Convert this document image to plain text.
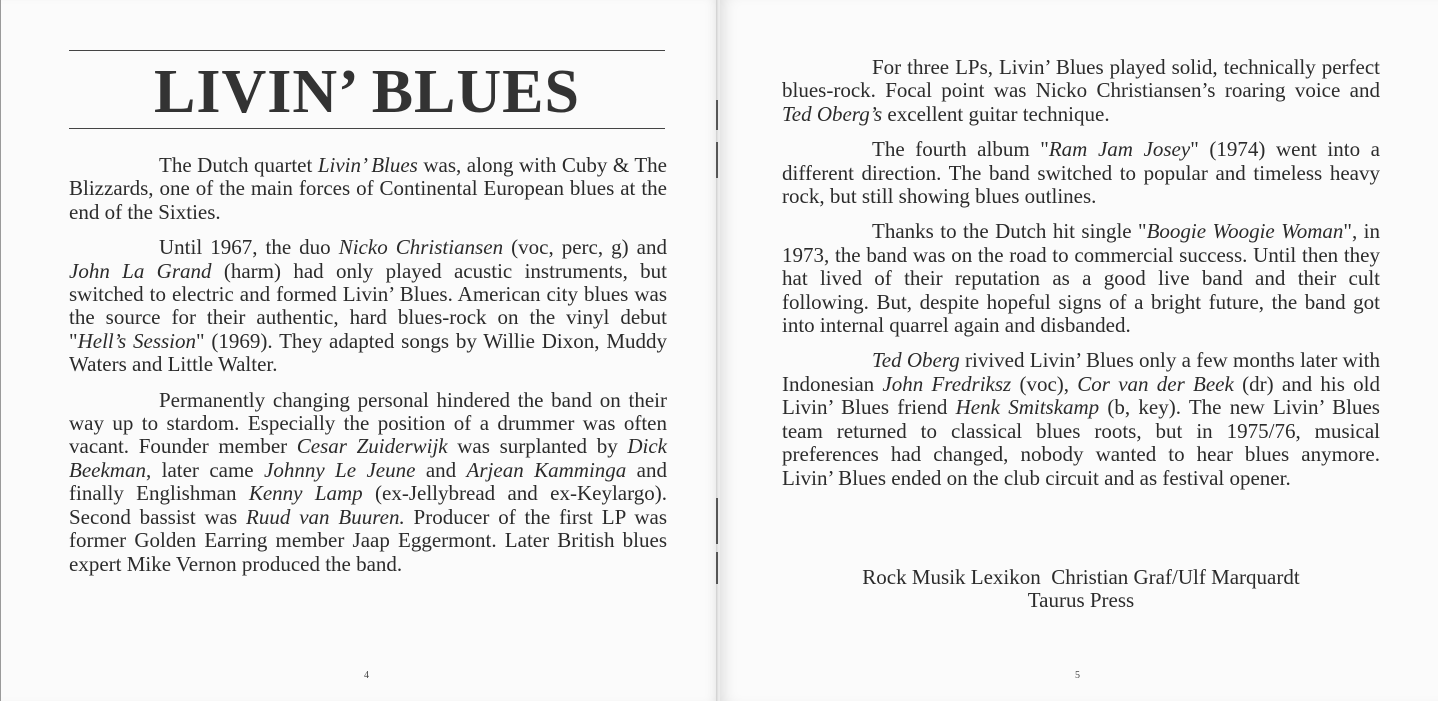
LIVIN’ BLUES

The Dutch quartet Livin’ Blues was, along with Cuby & The Blizzards, one of the main forces of Continental European blues at the end of the Sixties.

Until 1967, the duo Nicko Christiansen (voc, perc, g) and John La Grand (harm) had only played acustic instruments, but switched to electric and formed Livin’ Blues. American city blues was the source for their authentic, hard blues-rock on the vinyl debut "Hell’s Session" (1969). They adapted songs by Willie Dixon, Muddy Waters and Little Walter.

Permanently changing personal hindered the band on their way up to stardom. Especially the position of a drummer was often vacant. Founder member Cesar Zuiderwijk was surplanted by Dick Beekman, later came Johnny Le Jeune and Arjean Kamminga and finally Englishman Kenny Lamp (ex-Jellybread and ex-Keylargo). Second bassist was Ruud van Buuren. Producer of the first LP was former Golden Earring member Jaap Eggermont. Later British blues expert Mike Vernon produced the band.

4

For three LPs, Livin’ Blues played solid, technically perfect blues-rock. Focal point was Nicko Christiansen’s roaring voice and Ted Oberg’s excellent guitar technique.

The fourth album "Ram Jam Josey" (1974) went into a different direction. The band switched to popular and timeless heavy rock, but still showing blues outlines.

Thanks to the Dutch hit single "Boogie Woogie Woman", in 1973, the band was on the road to commercial success. Until then they hat lived of their reputation as a good live band and their cult following. But, despite hopeful signs of a bright future, the band got into internal quarrel again and disbanded.

Ted Oberg rivived Livin’ Blues only a few months later with Indonesian John Fredriksz (voc), Cor van der Beek (dr) and his old Livin’ Blues friend Henk Smitskamp (b, key). The new Livin’ Blues team returned to classical blues roots, but in 1975/76, musical preferences had changed, nobody wanted to hear blues anymore. Livin’ Blues ended on the club circuit and as festival opener.

Rock Musik Lexikon  Christian Graf/Ulf Marquardt
Taurus Press
5
